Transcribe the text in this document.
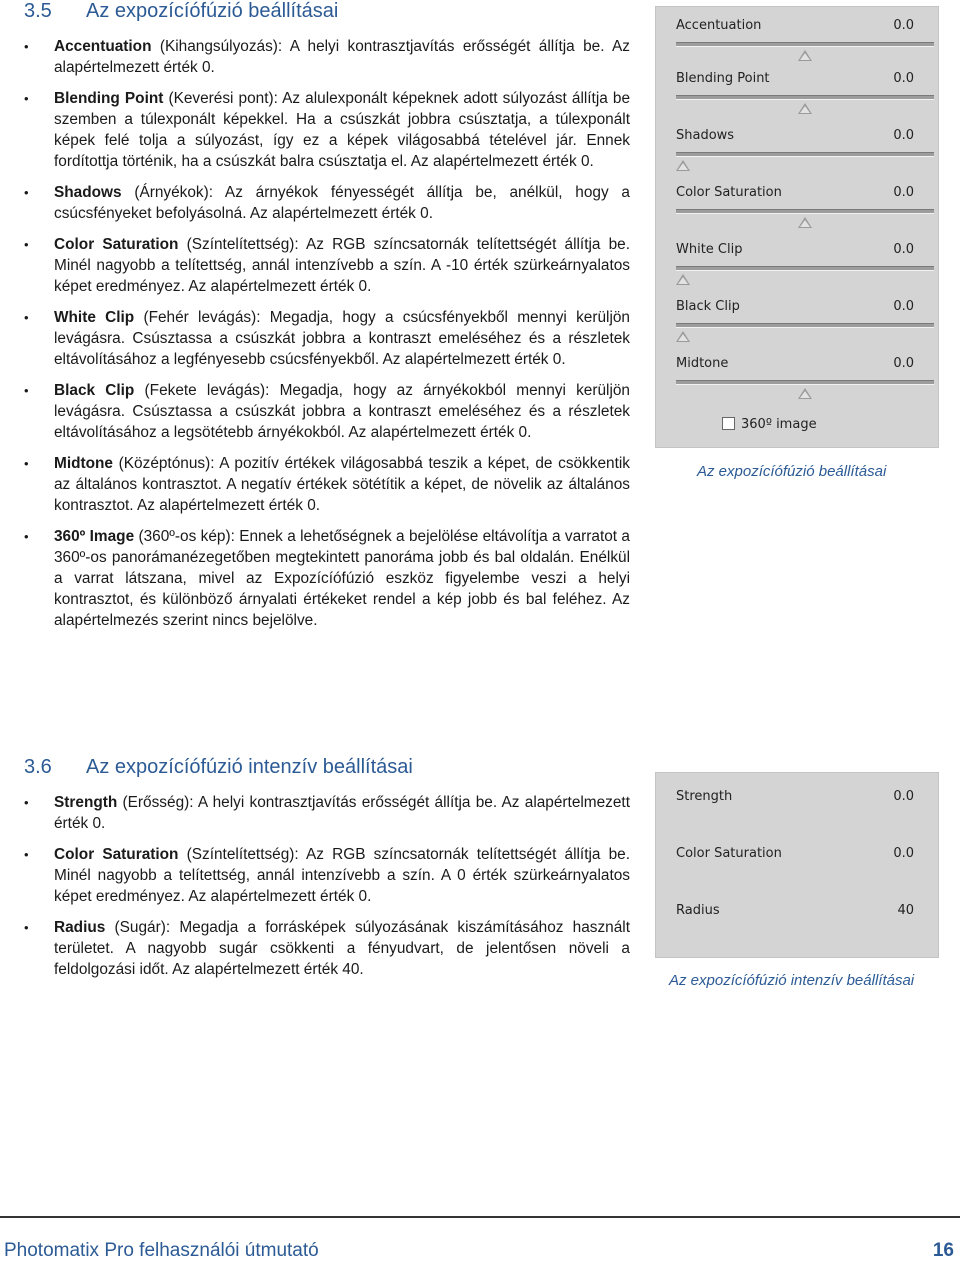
3.5 Az expozícíófúzió beállításai
• Accentuation (Kihangsúlyozás): A helyi kontrasztjavítás erősségét állítja be. Az alapértelmezett érték 0.
• Blending Point (Keverési pont): Az alulexponált képeknek adott súlyozást állítja be szemben a túlexponált képekkel. Ha a csúszkát jobbra csúsztatja, a túlexponált képek felé tolja a súlyozást, így ez a képek világosabbá tételével jár. Ennek fordítottja történik, ha a csúszkát balra csúsztatja el. Az alapértelmezett érték 0.
• Shadows (Árnyékok): Az árnyékok fényességét állítja be, anélkül, hogy a csúcsfényeket befolyásolná. Az alapértelmezett érték 0.
• Color Saturation (Színtelítettség): Az RGB színcsatornák telítettségét állítja be. Minél nagyobb a telítettség, annál intenzívebb a szín. A -10 érték szürkeárnyalatos képet eredményez. Az alapértelmezett érték 0.
• White Clip (Fehér levágás): Megadja, hogy a csúcsfényekből mennyi kerüljön levágásra. Csúsztassa a csúszkát jobbra a kontraszt emeléséhez és a részletek eltávolításához a legfényesebb csúcsfényekből. Az alapértelmezett érték 0.
• Black Clip (Fekete levágás): Megadja, hogy az árnyékokból mennyi kerüljön levágásra. Csúsztassa a csúszkát jobbra a kontraszt emeléséhez és a részletek eltávolításához a legsötétebb árnyékokból. Az alapértelmezett érték 0.
• Midtone (Középtónus): A pozitív értékek világosabbá teszik a képet, de csökkentik az általános kontrasztot. A negatív értékek sötétítik a képet, de növelik az általános kontrasztot. Az alapértelmezett érték 0.
• 360º Image (360º-os kép): Ennek a lehetőségnek a bejelölése eltávolítja a varratot a 360º-os panorámanézegetőben megtekintett panoráma jobb és bal oldalán. Enélkül a varrat látszana, mivel az Expozícíófúzió eszköz figyelembe veszi a helyi kontrasztot, és különböző árnyalati értékeket rendel a kép jobb és bal feléhez. Az alapértelmezés szerint nincs bejelölve.
Accentuation	0.0
Blending Point	0.0
Shadows	0.0
Color Saturation	0.0
White Clip	0.0
Black Clip	0.0
Midtone	0.0
360º image
Az expozícíófúzió beállításai
3.6 Az expozícíófúzió intenzív beállításai
• Strength (Erősség): A helyi kontrasztjavítás erősségét állítja be. Az alapértelmezett érték 0.
• Color Saturation (Színtelítettség): Az RGB színcsatornák telítettségét állítja be. Minél nagyobb a telítettség, annál intenzívebb a szín. A 0 érték szürkeárnyalatos képet eredményez. Az alapértelmezett érték 0.
• Radius (Sugár): Megadja a forrásképek súlyozásának kiszámításához használt területet. A nagyobb sugár csökkenti a fényudvart, de jelentősen növeli a feldolgozási időt. Az alapértelmezett érték 40.
Strength	0.0
Color Saturation	0.0
Radius	40
Az expozícíófúzió intenzív beállításai
Photomatix Pro felhasználói útmutató	16
